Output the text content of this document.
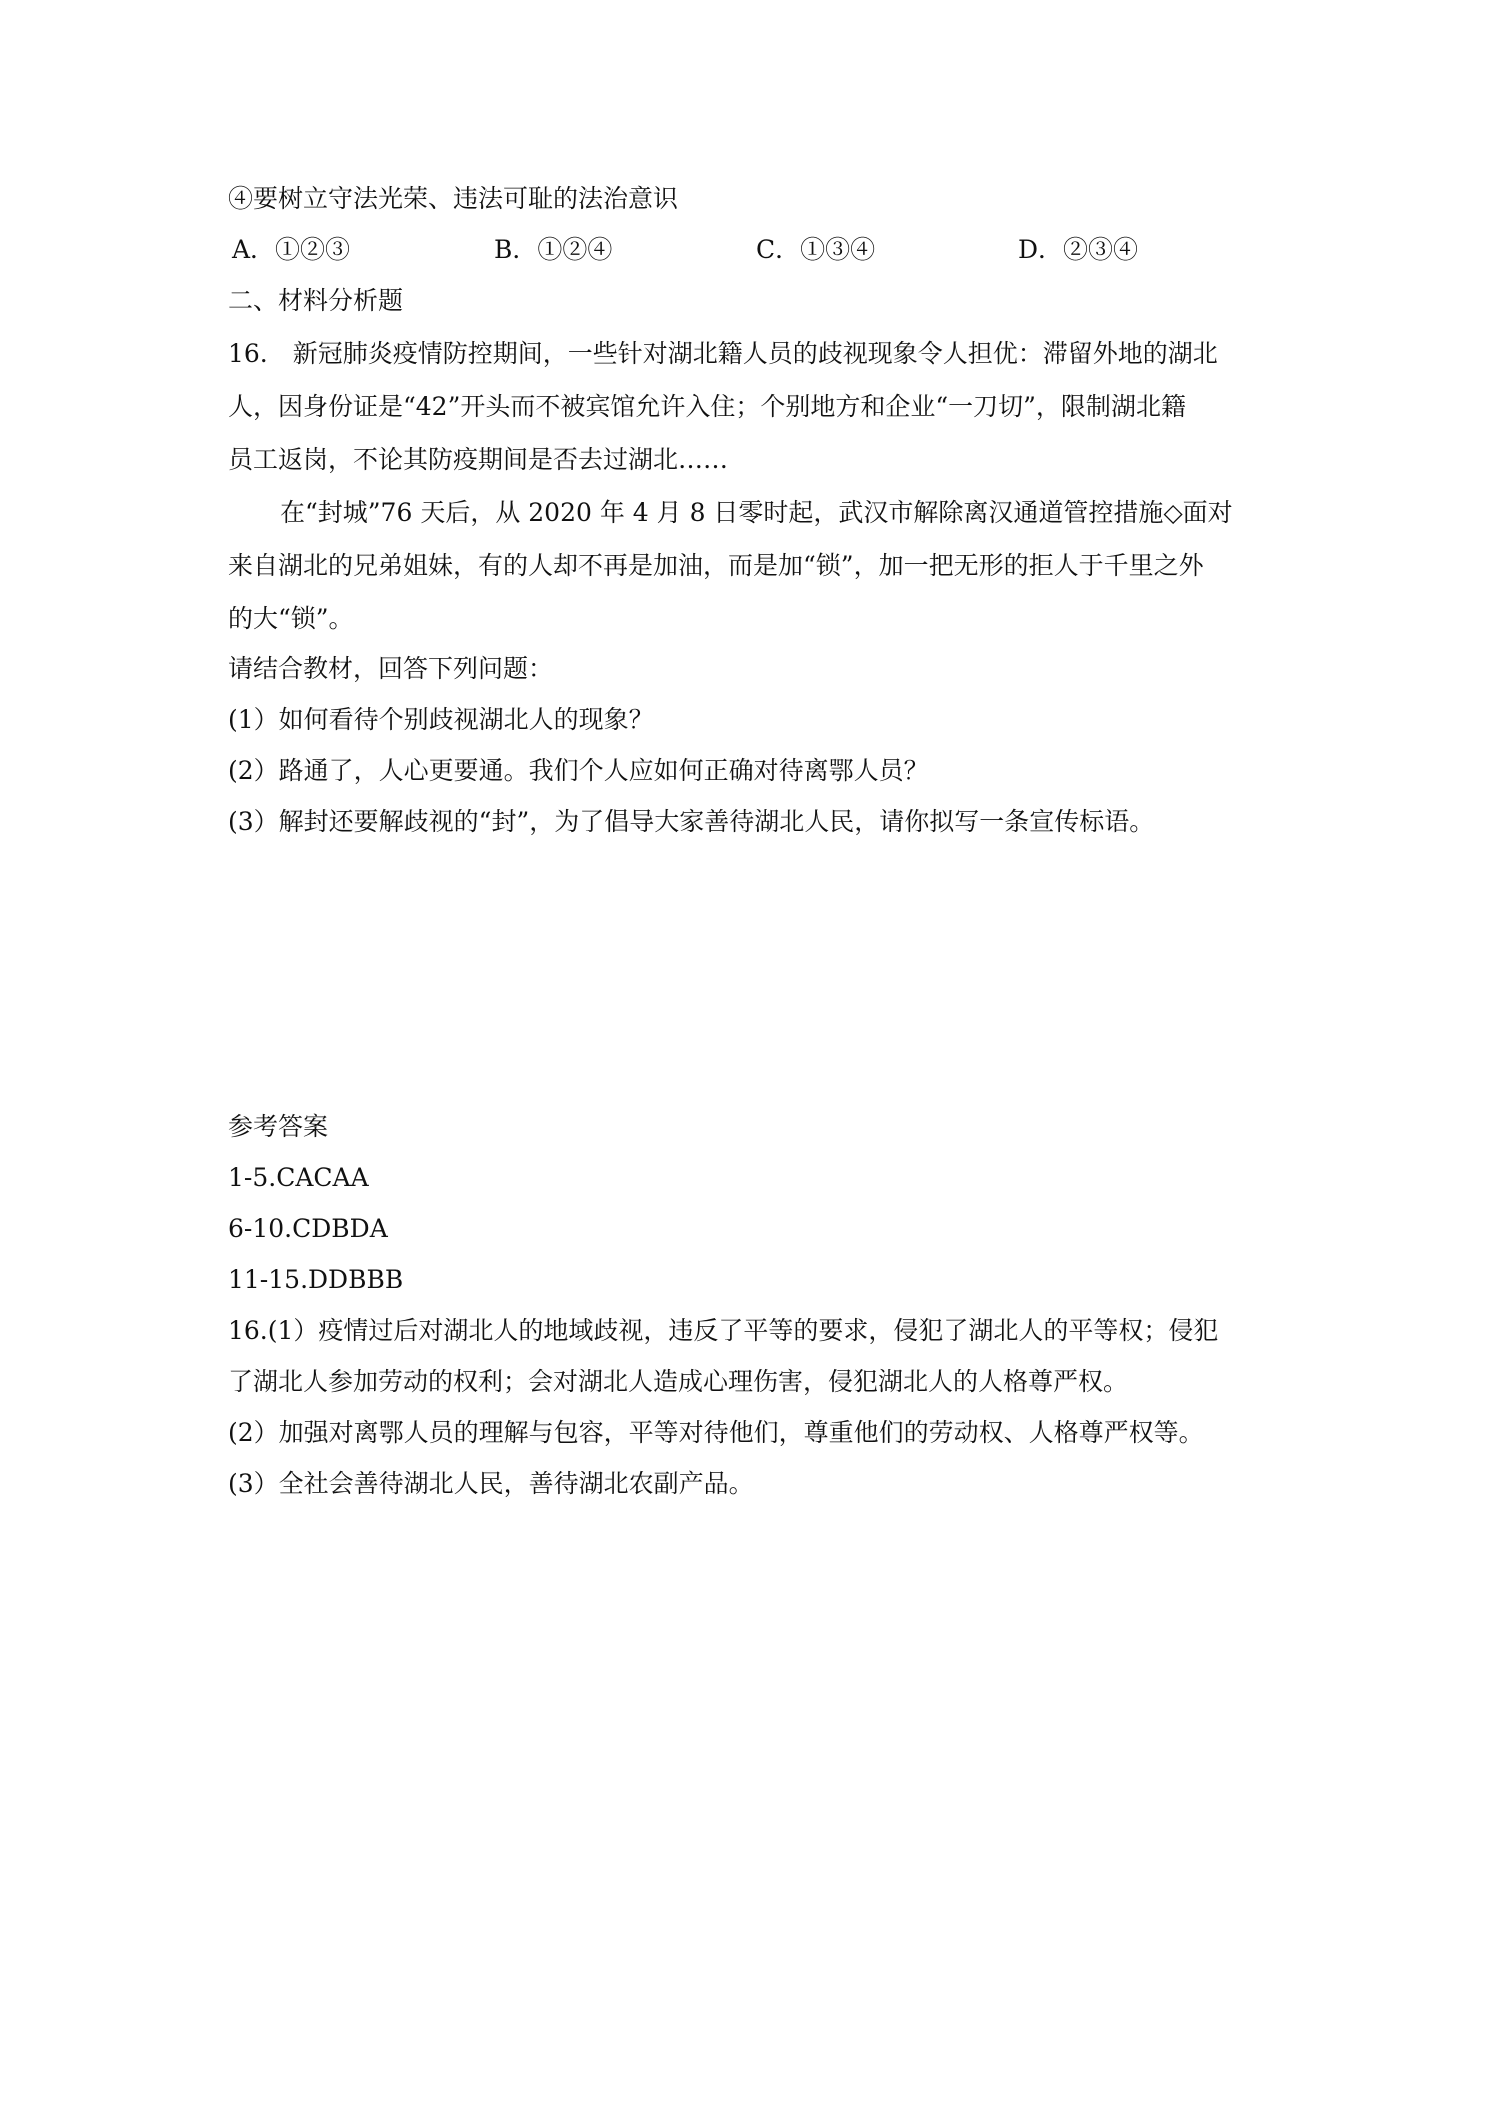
④要树立守法光荣、违法可耻的法治意识
A．①②③	B．①②④	C．①③④	D．②③④
二、材料分析题
16.　新冠肺炎疫情防控期间，一些针对湖北籍人员的歧视现象令人担优：滞留外地的湖北
人，因身份证是“42”开头而不被宾馆允许入住；个别地方和企业“一刀切”，限制湖北籍
员工返岗，不论其防疫期间是否去过湖北……
在“封城”76 天后，从 2020 年 4 月 8 日零时起，武汉市解除离汉通道管控措施◇面对
来自湖北的兄弟姐妹，有的人却不再是加油，而是加“锁”，加一把无形的拒人于千里之外
的大“锁”。
请结合教材，回答下列问题：
(1）如何看待个别歧视湖北人的现象？
(2）路通了，人心更要通。我们个人应如何正确对待离鄂人员？
(3）解封还要解歧视的“封”，为了倡导大家善待湖北人民，请你拟写一条宣传标语。
参考答案
1-5.CACAA
6-10.CDBDA
11-15.DDBBB
16.(1）疫情过后对湖北人的地域歧视，违反了平等的要求，侵犯了湖北人的平等权；侵犯
了湖北人参加劳动的权利；会对湖北人造成心理伤害，侵犯湖北人的人格尊严权。
(2）加强对离鄂人员的理解与包容，平等对待他们，尊重他们的劳动权、人格尊严权等。
(3）全社会善待湖北人民，善待湖北农副产品。
